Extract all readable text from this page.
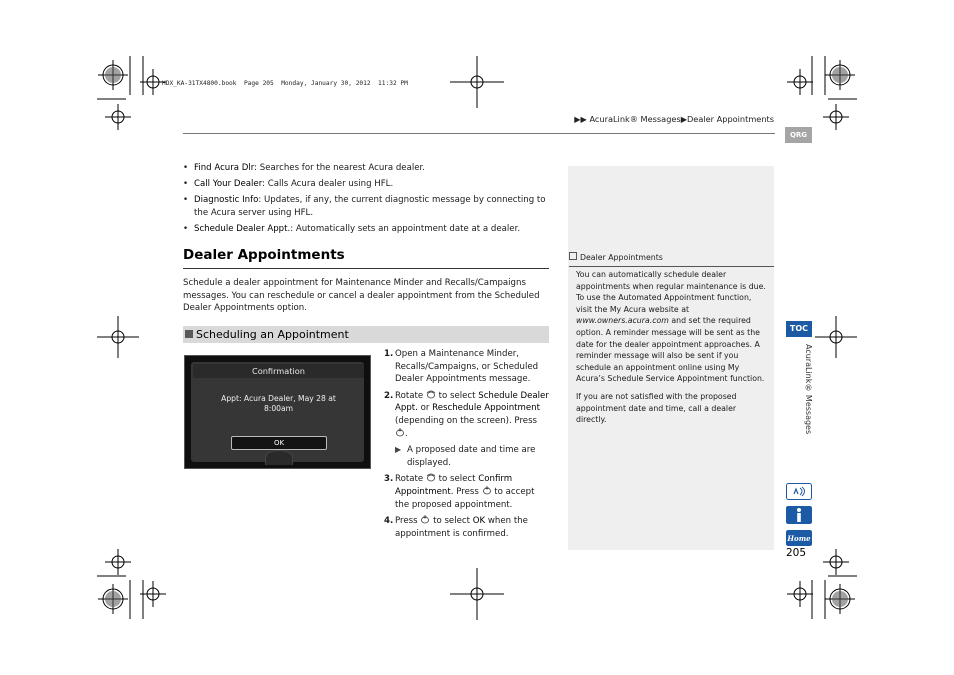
HDX_KA-31TX4800.book  Page 205  Monday, January 30, 2012  11:32 PM
▶▶ AcuraLink® Messages▶Dealer Appointments
QRG
• Find Acura Dlr: Searches for the nearest Acura dealer.
• Call Your Dealer: Calls Acura dealer using HFL.
• Diagnostic Info: Updates, if any, the current diagnostic message by connecting to the Acura server using HFL.
• Schedule Dealer Appt.: Automatically sets an appointment date at a dealer.
Dealer Appointments

Schedule a dealer appointment for Maintenance Minder and Recalls/Campaigns messages. You can reschedule or cancel a dealer appointment from the Scheduled Dealer Appointments option.

Scheduling an Appointment
Confirmation
Appt: Acura Dealer, May 28 at
8:00am
OK
1. Open a Maintenance Minder, Recalls/Campaigns, or Scheduled Dealer Appointments message.
2. Rotate to select Schedule Dealer Appt. or Reschedule Appointment (depending on the screen). Press .
▶ A proposed date and time are displayed.
3. Rotate to select Confirm Appointment. Press to accept the proposed appointment.
4. Press to select OK when the appointment is confirmed.
Dealer Appointments

You can automatically schedule dealer appointments when regular maintenance is due. To use the Automated Appointment function, visit the My Acura website at www.owners.acura.com and set the required option. A reminder message will be sent as the date for the dealer appointment approaches. A reminder message will also be sent if you schedule an appointment online using My Acura’s Schedule Service Appointment function.

If you are not satisfied with the proposed appointment date and time, call a dealer directly.

TOC
AcuraLink® Messages
Home
205
